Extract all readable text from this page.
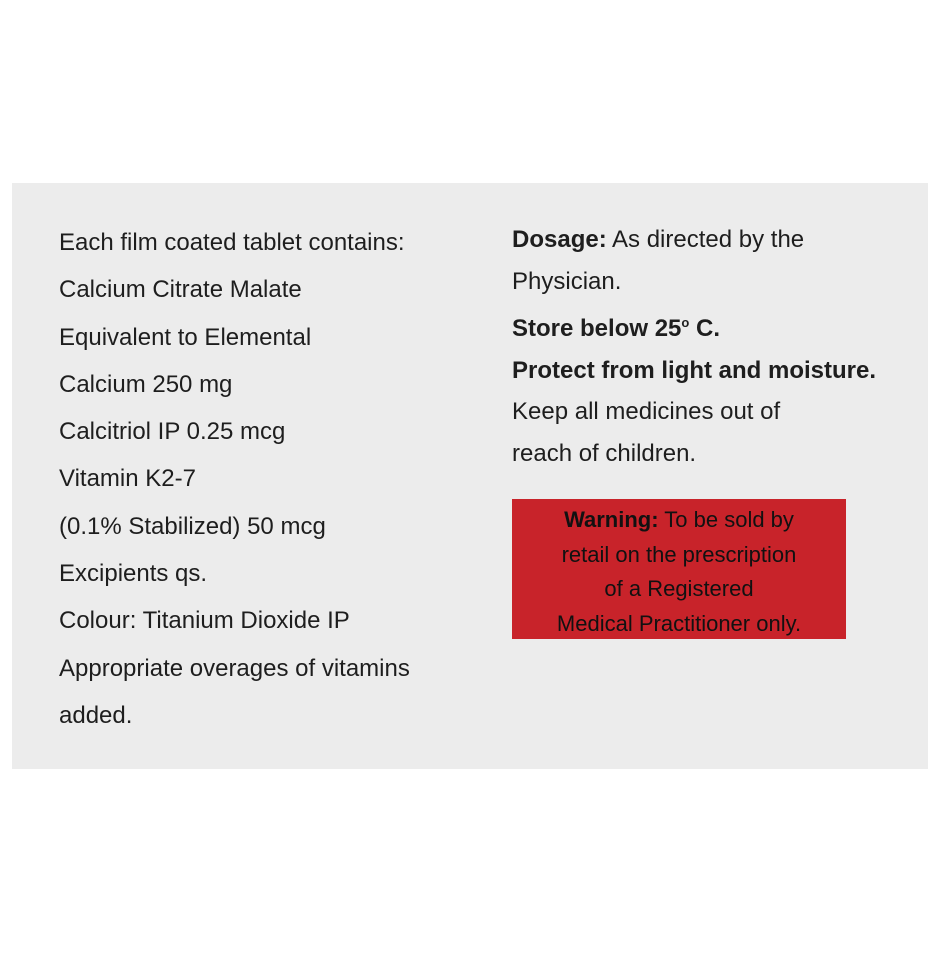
Each film coated tablet contains:
Calcium Citrate Malate
Equivalent to Elemental
Calcium 250 mg
Calcitriol IP 0.25 mcg
Vitamin K2-7
(0.1% Stabilized) 50 mcg
Excipients qs.
Colour: Titanium Dioxide IP
Appropriate overages of vitamins
added.
Dosage: As directed by the
Physician.
Store below 25$^o$ C.
Protect from light and moisture.
Keep all medicines out of
reach of children.
Warning: To be sold by
retail on the prescription
of a Registered
Medical Practitioner only.
